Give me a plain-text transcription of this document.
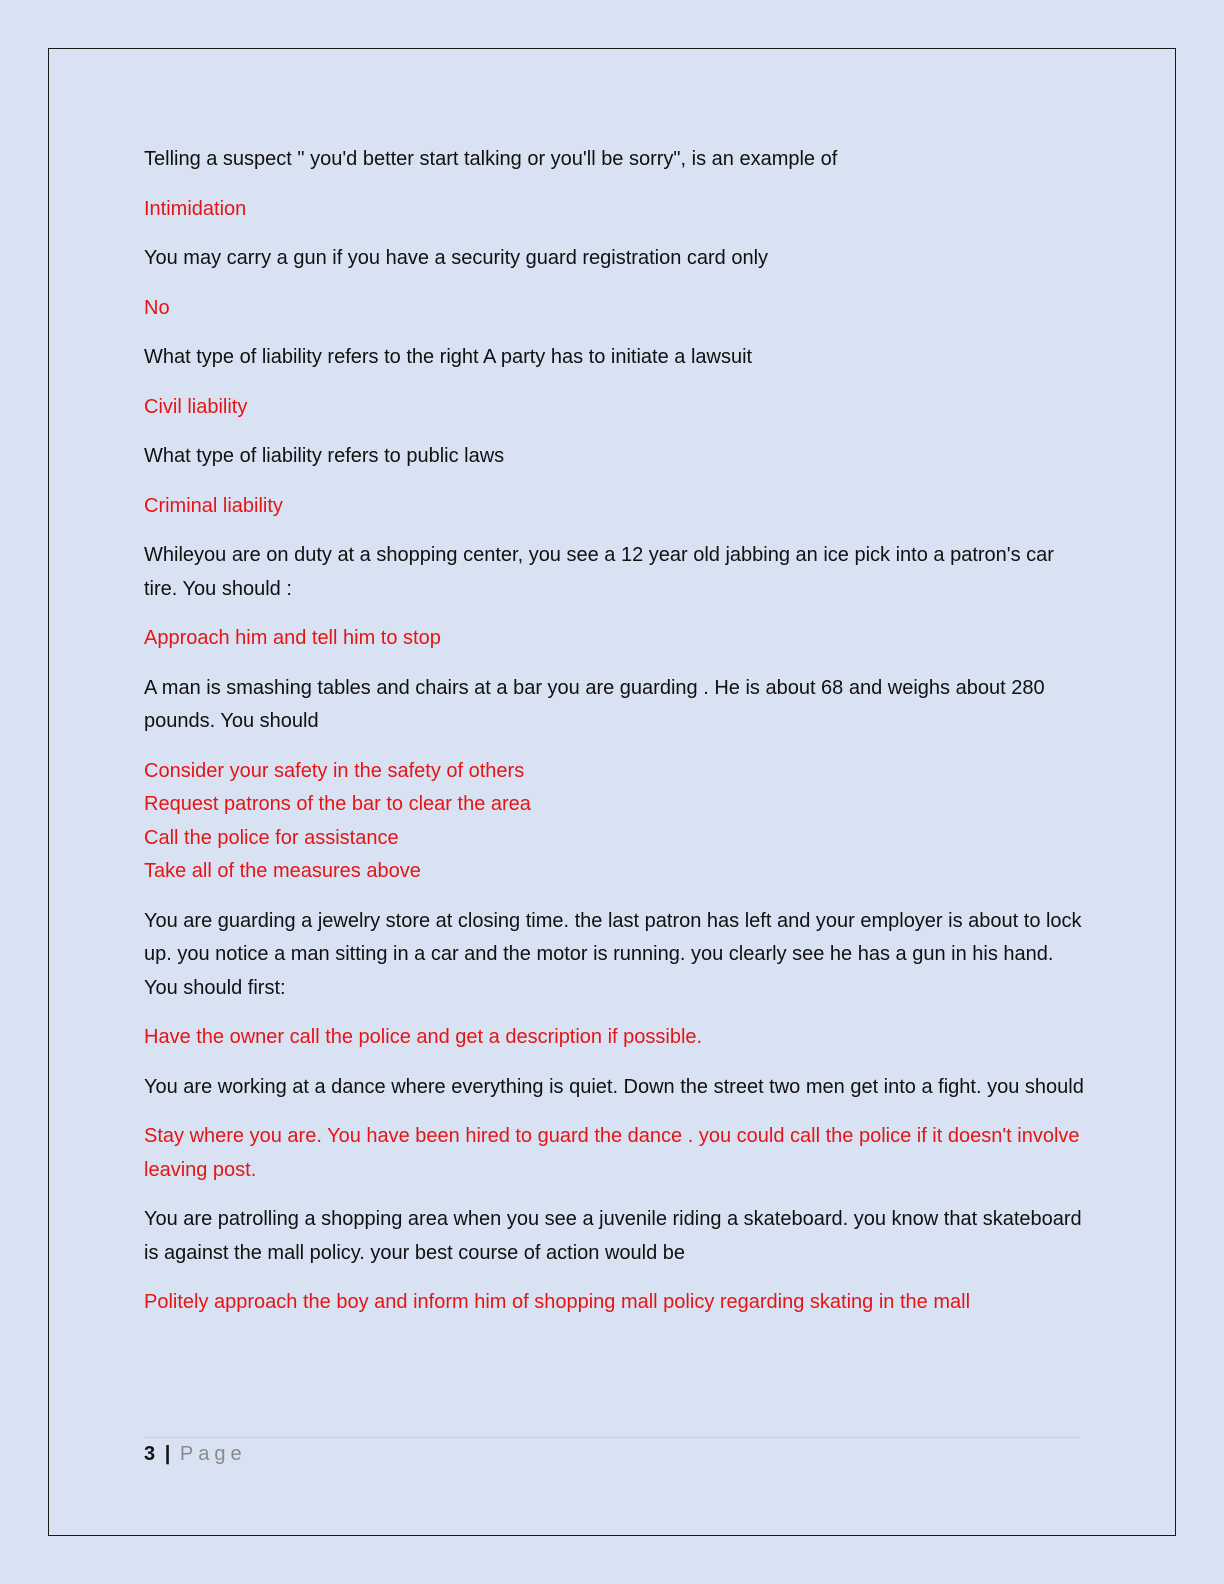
Telling a suspect " you'd better start talking or you'll be sorry", is an example of

Intimidation

You may carry a gun if you have a security guard registration card only

No

What type of liability refers to the right A party has to initiate a lawsuit

Civil liability

What type of liability refers to public laws

Criminal liability

Whileyou are on duty at a shopping center, you see a 12 year old jabbing an ice pick into a patron's car tire. You should :

Approach him and tell him to stop

A man is smashing tables and chairs at a bar you are guarding . He is about 68 and weighs about 280 pounds. You should

Consider your safety in the safety of others

Request patrons of the bar to clear the area

Call the police for assistance

Take all of the measures above

You are guarding a jewelry store at closing time. the last patron has left and your employer is about to lock up. you notice a man sitting in a car and the motor is running. you clearly see he has a gun in his hand. You should first:

Have the owner call the police and get a description if possible.

You are working at a dance where everything is quiet. Down the street two men get into a fight. you should

Stay where you are. You have been hired to guard the dance . you could call the police if it doesn't involve leaving post.

You are patrolling a shopping area when you see a juvenile riding a skateboard. you know that skateboard is against the mall policy. your best course of action would be

Politely approach the boy and inform him of shopping mall policy regarding skating in the mall

3 | Page
